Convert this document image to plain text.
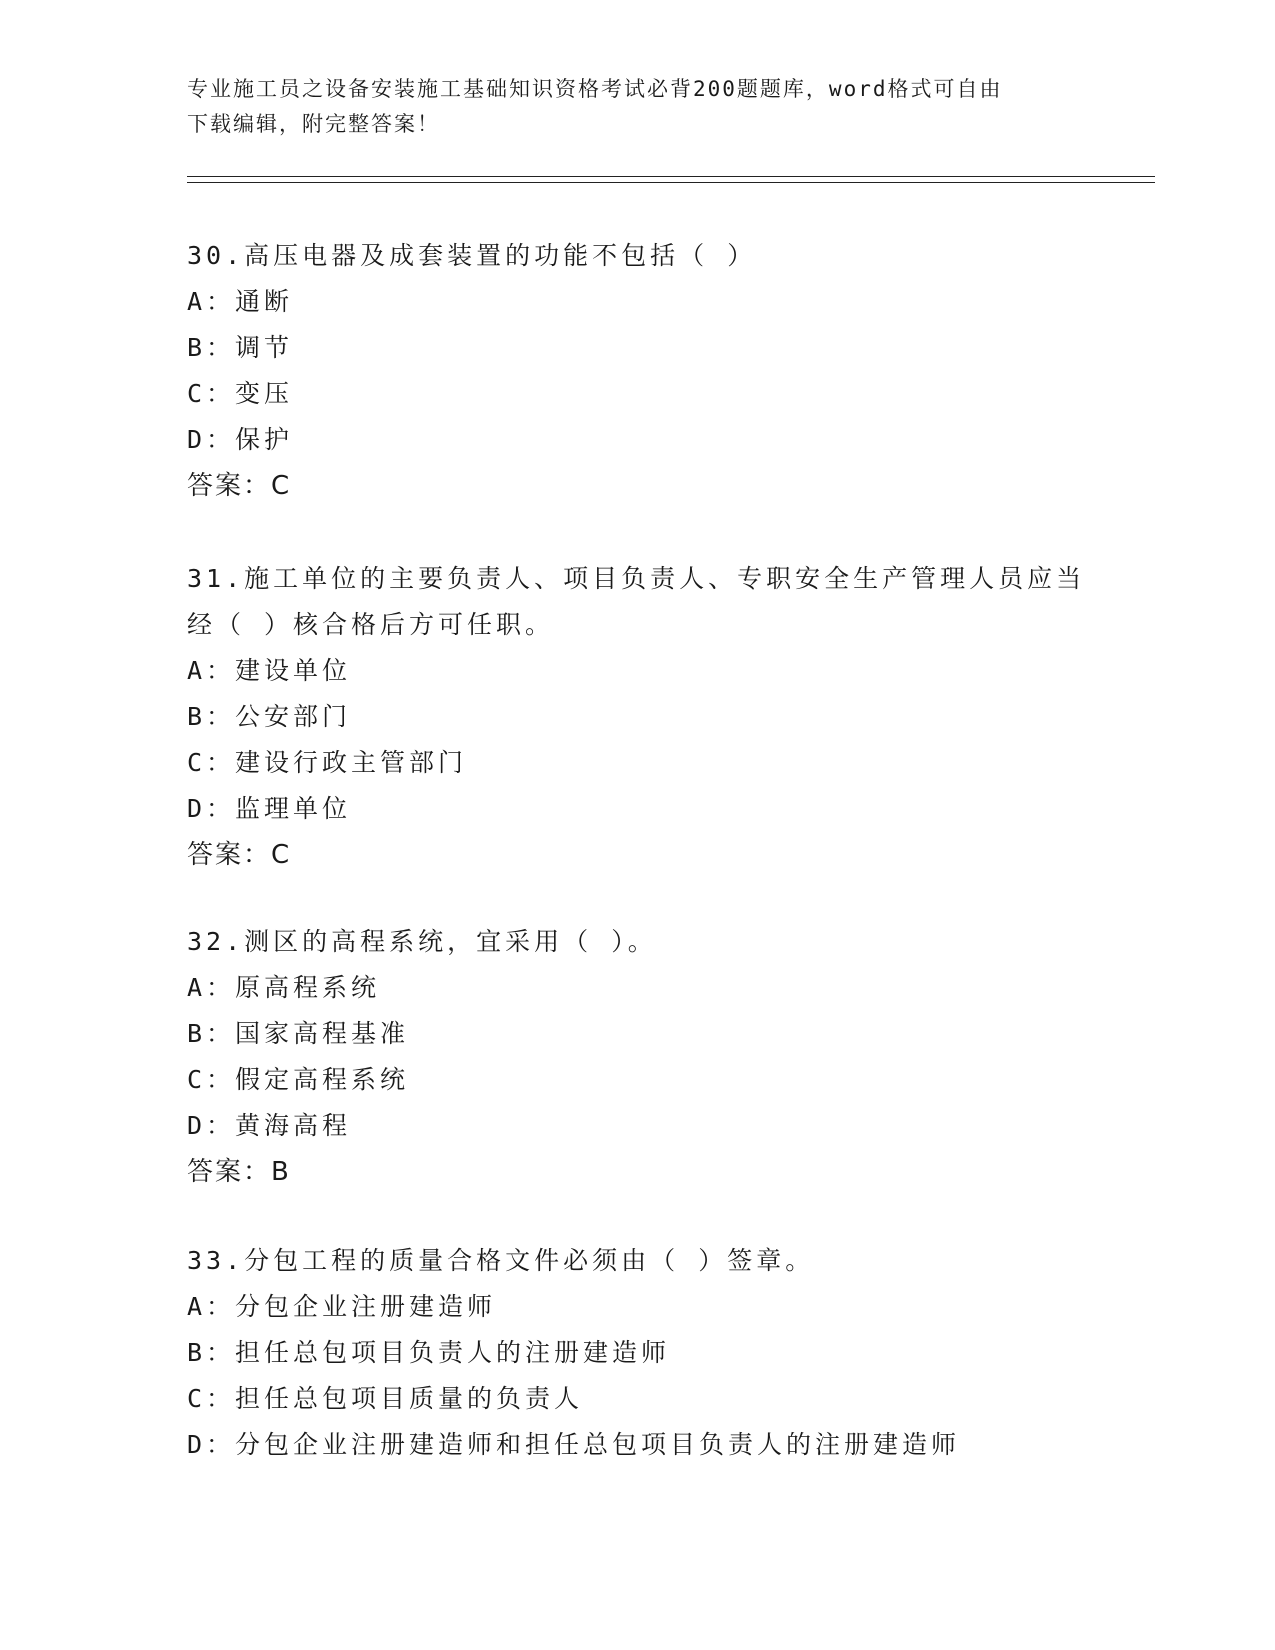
专业施工员之设备安装施工基础知识资格考试必背200题题库，word格式可自由
下载编辑，附完整答案！
30.高压电器及成套装置的功能不包括（ ）
A：通断
B：调节
C：变压
D：保护
答案：C
31.施工单位的主要负责人、项目负责人、专职安全生产管理人员应当
经（ ）核合格后方可任职。
A：建设单位
B：公安部门
C：建设行政主管部门
D：监理单位
答案：C
32.测区的高程系统，宜采用（ ）。
A：原高程系统
B：国家高程基准
C：假定高程系统
D：黄海高程
答案：B
33.分包工程的质量合格文件必须由（ ）签章。
A：分包企业注册建造师
B：担任总包项目负责人的注册建造师
C：担任总包项目质量的负责人
D：分包企业注册建造师和担任总包项目负责人的注册建造师
